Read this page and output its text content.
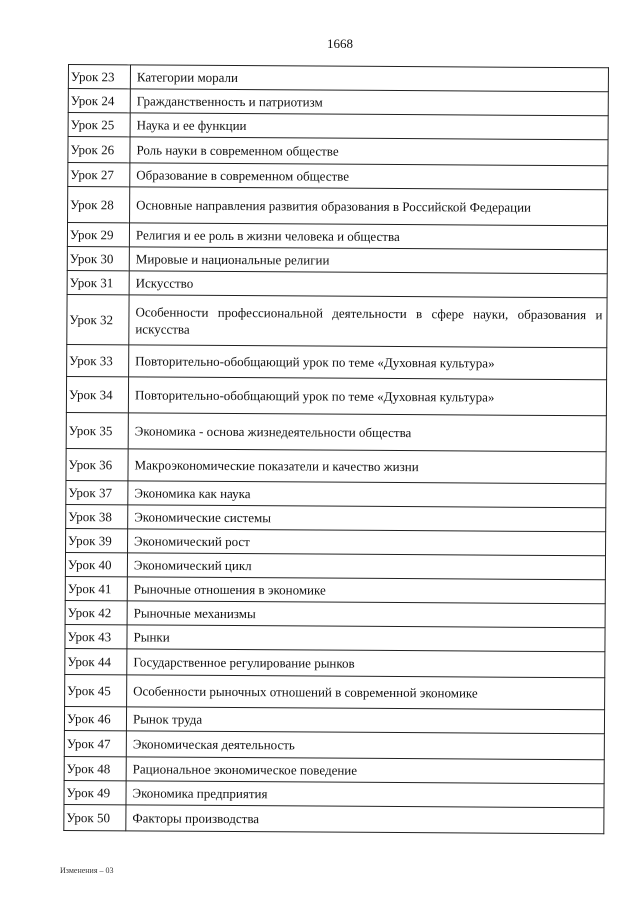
1668
Урок 23	Категории морали
Урок 24	Гражданственность и патриотизм
Урок 25	Наука и ее функции
Урок 26	Роль науки в современном обществе
Урок 27	Образование в современном обществе
Урок 28	Основные направления развития образования в Российской Федерации
Урок 29	Религия и ее роль в жизни человека и общества
Урок 30	Мировые и национальные религии
Урок 31	Искусство
Урок 32	Особенности профессиональной деятельности в сфере науки, образования и искусства
Урок 33	Повторительно-обобщающий урок по теме «Духовная культура»
Урок 34	Повторительно-обобщающий урок по теме «Духовная культура»
Урок 35	Экономика - основа жизнедеятельности общества
Урок 36	Макроэкономические показатели и качество жизни
Урок 37	Экономика как наука
Урок 38	Экономические системы
Урок 39	Экономический рост
Урок 40	Экономический цикл
Урок 41	Рыночные отношения в экономике
Урок 42	Рыночные механизмы
Урок 43	Рынки
Урок 44	Государственное регулирование рынков
Урок 45	Особенности рыночных отношений в современной экономике
Урок 46	Рынок труда
Урок 47	Экономическая деятельность
Урок 48	Рациональное экономическое поведение
Урок 49	Экономика предприятия
Урок 50	Факторы производства
Изменения – 03
